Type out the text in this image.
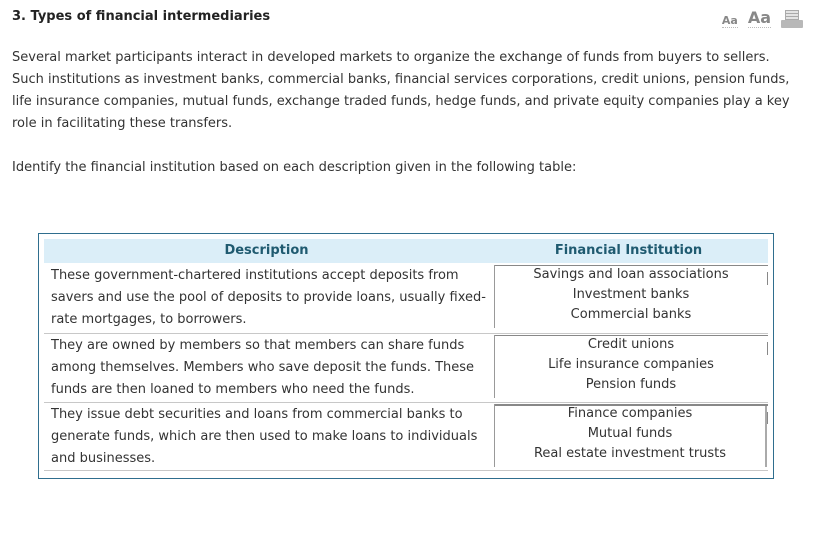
3. Types of financial intermediaries	Aa Aa

Several market participants interact in developed markets to organize the exchange of funds from buyers to sellers. Such institutions as investment banks, commercial banks, financial services corporations, credit unions, pension funds, life insurance companies, mutual funds, exchange traded funds, hedge funds, and private equity companies play a key role in facilitating these transfers.

Identify the financial institution based on each description given in the following table:

Description	Financial Institution
These government-chartered institutions accept deposits from savers and use the pool of deposits to provide loans, usually fixed-rate mortgages, to borrowers.
Savings and loan associations
Investment banks
Commercial banks
They are owned by members so that members can share funds among themselves. Members who save deposit the funds. These funds are then loaned to members who need the funds.
Credit unions
Life insurance companies
Pension funds
They issue debt securities and loans from commercial banks to generate funds, which are then used to make loans to individuals and businesses.
Finance companies
Mutual funds
Real estate investment trusts
